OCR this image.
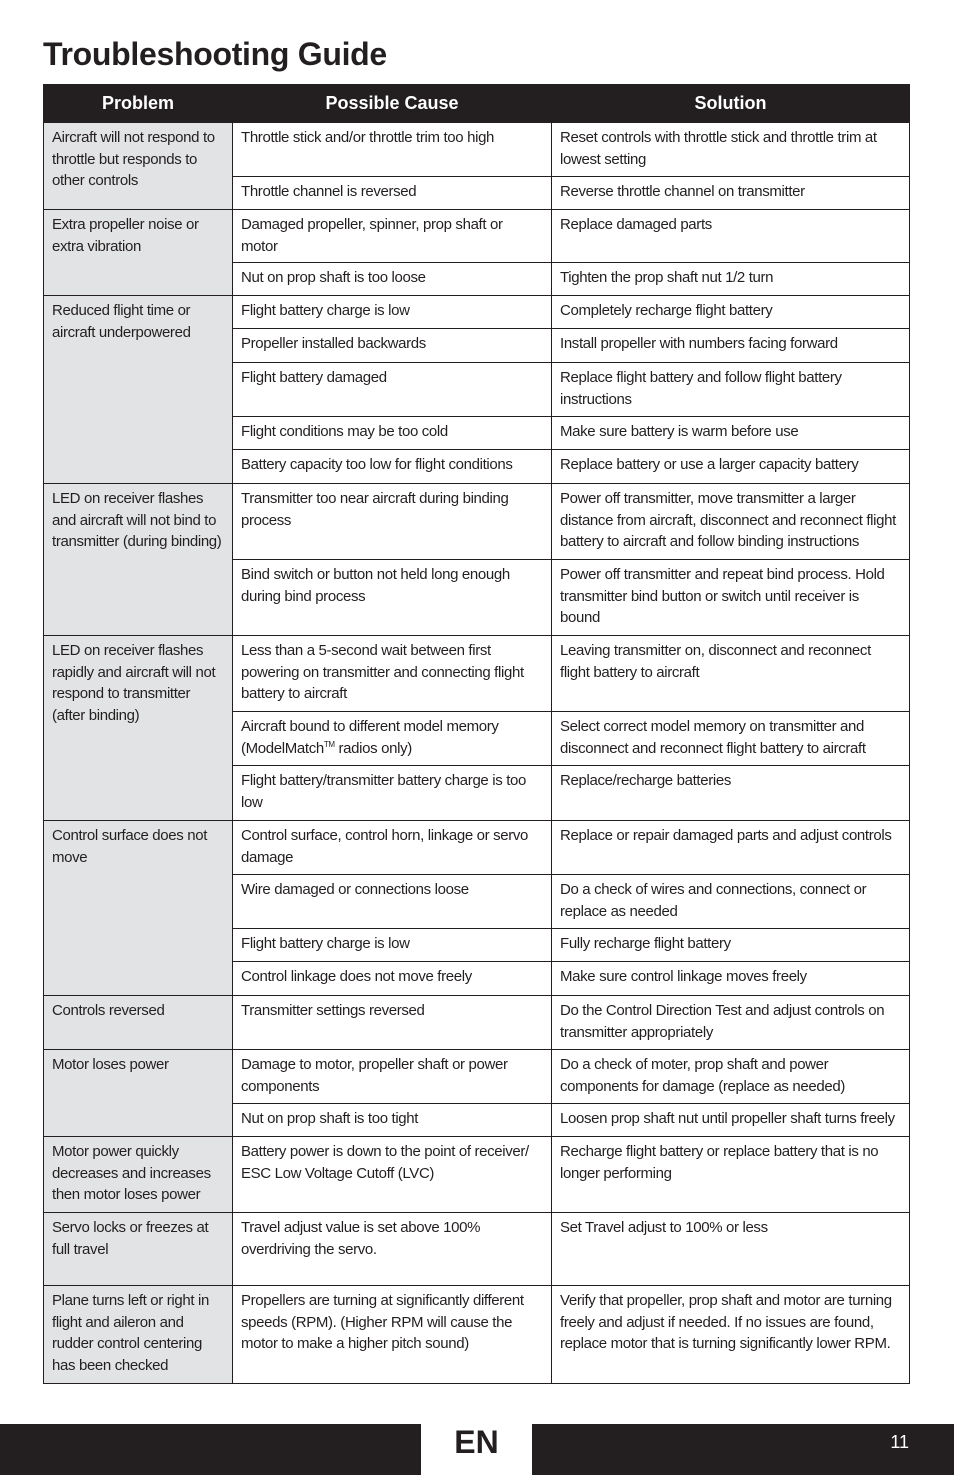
Troubleshooting Guide
Problem	Possible Cause	Solution
Aircraft will not respond to throttle but responds to other controls	Throttle stick and/or throttle trim too high	Reset controls with throttle stick and throttle trim at lowest setting
	Throttle channel is reversed	Reverse throttle channel on transmitter
Extra propeller noise or extra vibration	Damaged propeller, spinner, prop shaft or motor	Replace damaged parts
	Nut on prop shaft is too loose	Tighten the prop shaft nut 1/2 turn
Reduced flight time or aircraft underpowered	Flight battery charge is low	Completely recharge flight battery
	Propeller installed backwards	Install propeller with numbers facing forward
	Flight battery damaged	Replace flight battery and follow flight battery instructions
	Flight conditions may be too cold	Make sure battery is warm before use
	Battery capacity too low for flight conditions	Replace battery or use a larger capacity battery
LED on receiver flashes and aircraft will not bind to transmitter (during binding)	Transmitter too near aircraft during binding process	Power off transmitter, move transmitter a larger distance from aircraft, disconnect and reconnect flight battery to aircraft and follow binding instructions
	Bind switch or button not held long enough during bind process	Power off transmitter and repeat bind process. Hold transmitter bind button or switch until receiver is bound
LED on receiver flashes rapidly and aircraft will not respond to transmitter (after binding)	Less than a 5-second wait between first powering on transmitter and connecting flight battery to aircraft	Leaving transmitter on, disconnect and reconnect flight battery to aircraft
	Aircraft bound to different model memory (ModelMatch™ radios only)	Select correct model memory on transmitter and disconnect and reconnect flight battery to aircraft
	Flight battery/transmitter battery charge is too low	Replace/recharge batteries
Control surface does not move	Control surface, control horn, linkage or servo damage	Replace or repair damaged parts and adjust controls
	Wire damaged or connections loose	Do a check of wires and connections, connect or replace as needed
	Flight battery charge is low	Fully recharge flight battery
	Control linkage does not move freely	Make sure control linkage moves freely
Controls reversed	Transmitter settings reversed	Do the Control Direction Test and adjust controls on transmitter appropriately
Motor loses power	Damage to motor, propeller shaft or power components	Do a check of moter, prop shaft and power components for damage (replace as needed)
	Nut on prop shaft is too tight	Loosen prop shaft nut until propeller shaft turns freely
Motor power quickly decreases and increases then motor loses power	Battery power is down to the point of receiver/ ESC Low Voltage Cutoff (LVC)	Recharge flight battery or replace battery that is no longer performing
Servo locks or freezes at full travel	Travel adjust value is set above 100% overdriving the servo.	Set Travel adjust to 100% or less
Plane turns left or right in flight and aileron and rudder control centering has been checked	Propellers are turning at significantly different speeds (RPM). (Higher RPM will cause the motor to make a higher pitch sound)	Verify that propeller, prop shaft and motor are turning freely and adjust if needed. If no issues are found, replace motor that is turning significantly lower RPM.
EN	11
